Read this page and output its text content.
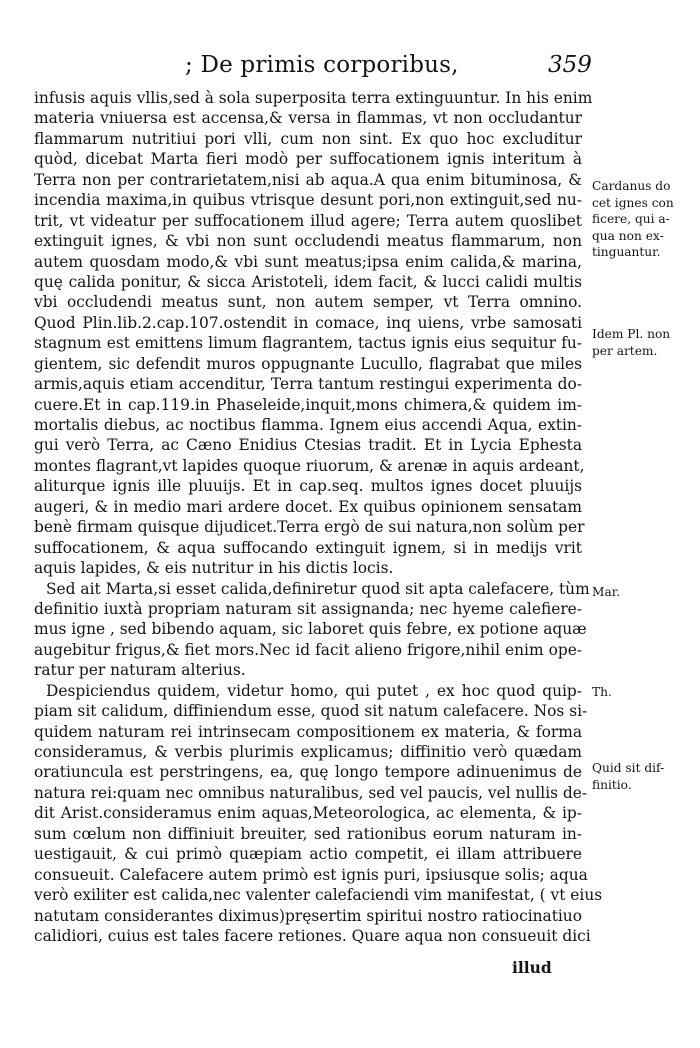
; De primis corporibus,	359
infusis aquis vllis,sed à sola superposita terra extinguuntur. In his enim
materia vniuersa est accensa,& versa in flammas, vt non occludantur
flammarum nutritiui pori vlli, cum non sint. Ex quo hoc excluditur
quòd, dicebat Marta fieri modò per suffocationem ignis interitum à
Terra non per contrarietatem,nisi ab aqua.A qua enim bituminosa, &
incendia maxima,in quibus vtrisque desunt pori,non extinguit,sed nu-
trit, vt videatur per suffocationem illud agere; Terra autem quoslibet
extinguit ignes, & vbi non sunt occludendi meatus flammarum, non
autem quosdam modo,& vbi sunt meatus;ipsa enim calida,& marina,
quę calida ponitur, & sicca Aristoteli, idem facit, & lucci calidi multis
vbi occludendi meatus sunt, non autem semper, vt Terra omnino.
Quod Plin.lib.2.cap.107.ostendit in comace, inq uiens, vrbe samosati
stagnum est emittens limum flagrantem, tactus ignis eius sequitur fu-
gientem, sic defendit muros oppugnante Lucullo, flagrabat que miles
armis,aquis etiam accenditur, Terra tantum restingui experimenta do-
cuere.Et in cap.119.in Phaseleide,inquit,mons chimera,& quidem im-
mortalis diebus, ac noctibus flamma. Ignem eius accendi Aqua, extin-
gui verò Terra, ac Cæno Enidius Ctesias tradit. Et in Lycia Ephesta
montes flagrant,vt lapides quoque riuorum, & arenæ in aquis ardeant,
aliturque ignis ille pluuijs. Et in cap.seq. multos ignes docet pluuijs
augeri, & in medio mari ardere docet. Ex quibus opinionem sensatam
benè firmam quisque dijudicet.Terra ergò de sui natura,non solùm per
suffocationem, & aqua suffocando extinguit ignem, si in medijs vrit
aquis lapides, & eis nutritur in his dictis locis.
Sed ait Marta,si esset calida,definiretur quod sit apta calefacere, tùm
definitio iuxtà propriam naturam sit assignanda; nec hyeme calefiere-
mus igne , sed bibendo aquam, sic laboret quis febre, ex potione aquæ
augebitur frigus,& fiet mors.Nec id facit alieno frigore,nihil enim ope-
ratur per naturam alterius.
Despiciendus quidem, videtur homo, qui putet , ex hoc quod quip-
piam sit calidum, diffiniendum esse, quod sit natum calefacere. Nos si-
quidem naturam rei intrinsecam compositionem ex materia, & forma
consideramus, & verbis plurimis explicamus; diffinitio verò quædam
oratiuncula est perstringens, ea, quę longo tempore adinuenimus de
natura rei:quam nec omnibus naturalibus, sed vel paucis, vel nullis de-
dit Arist.consideramus enim aquas,Meteorologica, ac elementa, & ip-
sum cœlum non diffiniuit breuiter, sed rationibus eorum naturam in-
uestigauit, & cui primò quæpiam actio competit, ei illam attribuere
consueuit. Calefacere autem primò est ignis puri, ipsiusque solis; aqua
verò exiliter est calida,nec valenter calefaciendi vim manifestat, ( vt eius
natutam considerantes diximus)pręsertim spiritui nostro ratiocinatiuo
calidiori, cuius est tales facere retiones. Quare aqua non consueuit dici
illud
Cardanus do
cet ignes con
ficere, qui a-
qua non ex-
tinguantur.
Idem Pl. non
per artem.
Mar.
Th.
Quid sit dif-
finitio.
